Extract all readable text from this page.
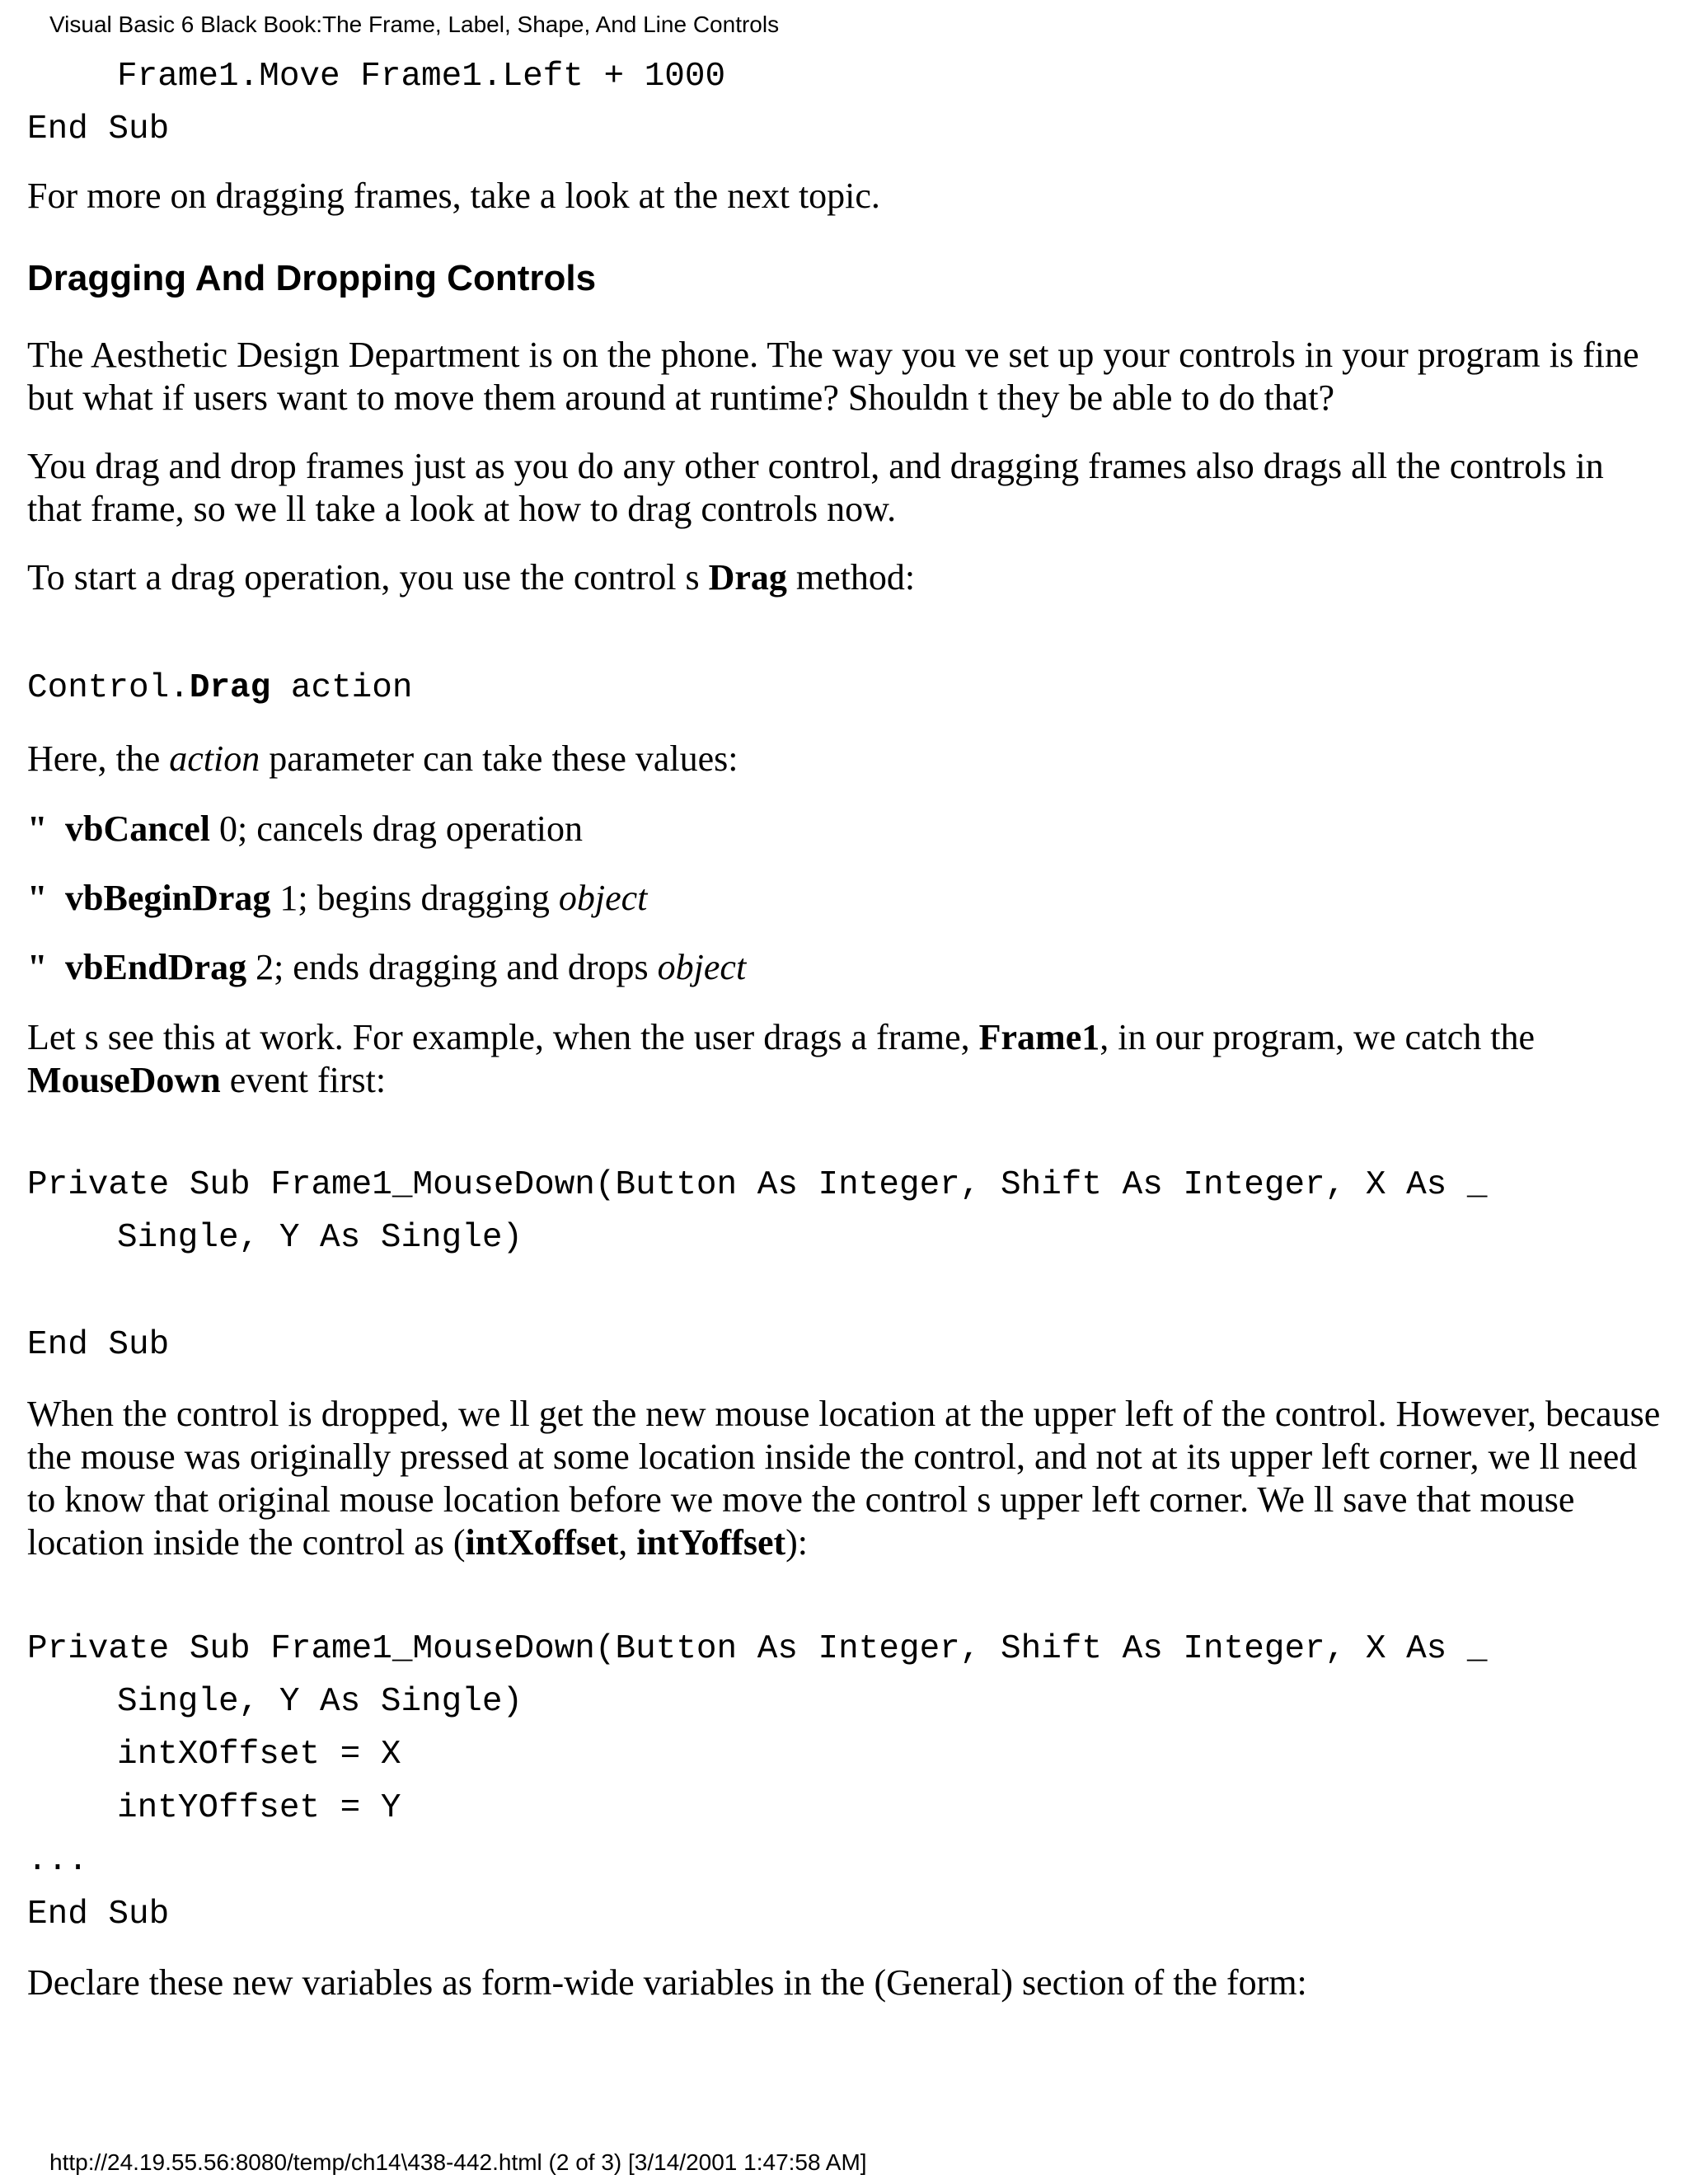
Visual Basic 6 Black Book:The Frame, Label, Shape, And Line Controls
Frame1.Move Frame1.Left + 1000
End Sub

For more on dragging frames, take a look at the next topic.

Dragging And Dropping Controls

The Aesthetic Design Department is on the phone. The way you ve set up your controls in your program is fine but what if users want to move them around at runtime? Shouldn t they be able to do that?

You drag and drop frames just as you do any other control, and dragging frames also drags all the controls in that frame, so we ll take a look at how to drag controls now.

To start a drag operation, you use the control s Drag method:

Control.Drag action

Here, the action parameter can take these values:

" vbCancel 0; cancels drag operation
" vbBeginDrag 1; begins dragging object
" vbEndDrag 2; ends dragging and drops object

Let s see this at work. For example, when the user drags a frame, Frame1, in our program, we catch the MouseDown event first:

Private Sub Frame1_MouseDown(Button As Integer, Shift As Integer, X As _
Single, Y As Single)
End Sub

When the control is dropped, we ll get the new mouse location at the upper left of the control. However, because the mouse was originally pressed at some location inside the control, and not at its upper left corner, we ll need to know that original mouse location before we move the control s upper left corner. We ll save that mouse location inside the control as (intXoffset, intYoffset):

Private Sub Frame1_MouseDown(Button As Integer, Shift As Integer, X As _
Single, Y As Single)
intXOffset = X
intYOffset = Y
...
End Sub

Declare these new variables as form-wide variables in the (General) section of the form:

http://24.19.55.56:8080/temp/ch14\438-442.html (2 of 3) [3/14/2001 1:47:58 AM]
